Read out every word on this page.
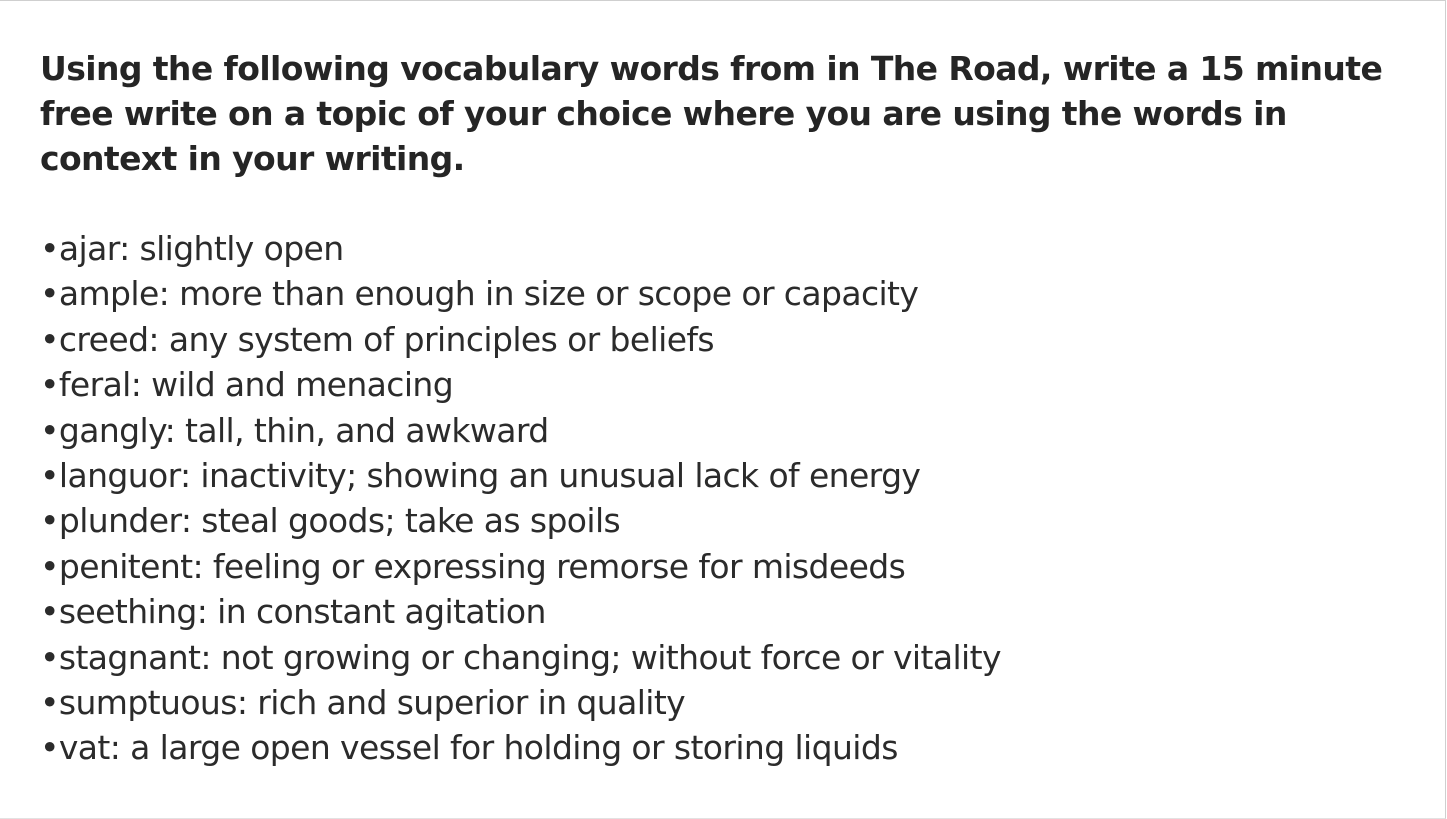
Using the following vocabulary words from in The Road, write a 15 minute free write on a topic of your choice where you are using the words in context in your writing.

•ajar: slightly open
•ample: more than enough in size or scope or capacity
•creed: any system of principles or beliefs
•feral: wild and menacing
•gangly: tall, thin, and awkward
•languor: inactivity; showing an unusual lack of energy
•plunder: steal goods; take as spoils
•penitent: feeling or expressing remorse for misdeeds
•seething: in constant agitation
•stagnant: not growing or changing; without force or vitality
•sumptuous: rich and superior in quality
•vat: a large open vessel for holding or storing liquids
